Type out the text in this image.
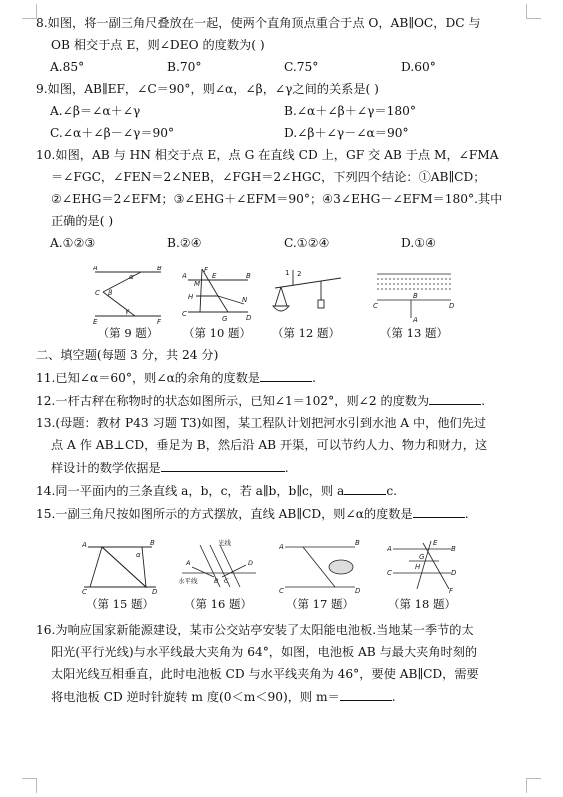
8.如图，将一副三角尺叠放在一起，使两个直角顶点重合于点 O，AB∥OC，DC 与

OB 相交于点 E，则∠DEO 的度数为( )

A.85°	B.70°	C.75°	D.60°

9.如图，AB∥EF，∠C＝90°，则∠α，∠β，∠γ之间的关系是( )

A.∠β＝∠α＋∠γ	B.∠α＋∠β＋∠γ＝180°
C.∠α＋∠β－∠γ＝90°	D.∠β＋∠γ－∠α＝90°

10.如图，AB 与 HN 相交于点 E，点 G 在直线 CD 上，GF 交 AB 于点 M，∠FMA

＝∠FGC，∠FEN＝2∠NEB，∠FGH＝2∠HGC，下列四个结论：①AB∥CD；

②∠EHG＝2∠EFM；③∠EHG＋∠EFM＝90°；④3∠EHG－∠EFM＝180°.其中

正确的是( )

A.①②③	B.②④	C.①②④	D.①④
A	B
C
E	F
α
β
γ
（第 9 题）
A	B
C	D
E
F
G
H
M
N
（第 10 题）
1 2
（第 12 题）
A
B
C	D
（第 13 题）

二、填空题(每题 3 分，共 24 分)

11.已知∠α＝60°，则∠α的余角的度数是	.

12.一杆古秤在称物时的状态如图所示，已知∠1＝102°，则∠2 的度数为	.

13.(母题：教材 P43 习题 T3)如图，某工程队计划把河水引到水池 A 中，他们先过

点 A 作 AB⊥CD，垂足为 B，然后沿 AB 开渠，可以节约人力、物力和财力，这

样设计的数学依据是	.

14.同一平面内的三条直线 a，b，c，若 a∥b，b∥c，则 a	c.

15.一副三角尺按如图所示的方式摆放，直线 AB∥CD，则∠α的度数是	.

A	B
C	D
α
（第 15 题）
光线
A
B C
D
水平线
（第 16 题）
A	B
C	D
（第 17 题）
A	B
C	D
E
F
G
H
（第 18 题）

16.为响应国家新能源建设，某市公交站亭安装了太阳能电池板.当地某一季节的太

阳光(平行光线)与水平线最大夹角为 64°，如图，电池板 AB 与最大夹角时刻的

太阳光线互相垂直，此时电池板 CD 与水平线夹角为 46°，要使 AB∥CD，需要

将电池板 CD 逆时针旋转 m 度(0＜m＜90)，则 m＝	.
